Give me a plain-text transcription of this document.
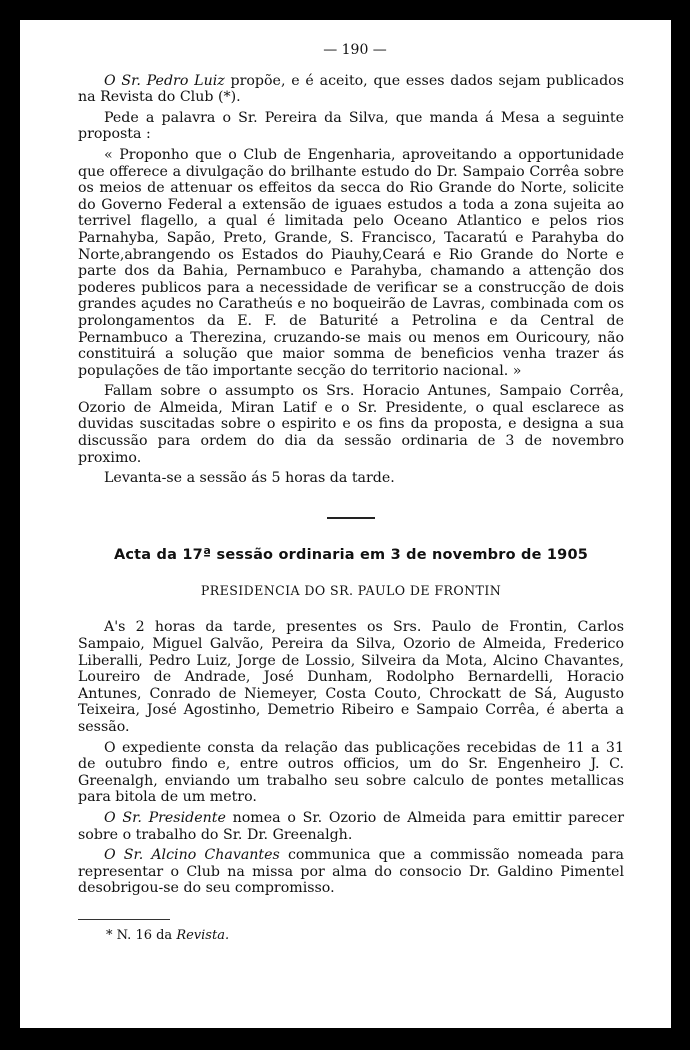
— 190 —

O Sr. Pedro Luiz propõe, e é aceito, que esses dados sejam publicados na Revista do Club (*).

Pede a palavra o Sr. Pereira da Silva, que manda á Mesa a seguinte proposta :

« Proponho que o Club de Engenharia, aproveitando a opportunidade que offerece a divulgação do brilhante estudo do Dr. Sampaio Corrêa sobre os meios de attenuar os effeitos da secca do Rio Grande do Norte, solicite do Governo Federal a extensão de iguaes estudos a toda a zona sujeita ao terrivel flagello, a qual é limitada pelo Oceano Atlantico e pelos rios Parnahyba, Sapão, Preto, Grande, S. Francisco, Tacaratú e Parahyba do Norte,abrangendo os Estados do Piauhy,Ceará e Rio Grande do Norte e parte dos da Bahia, Pernambuco e Parahyba, chamando a attenção dos poderes publicos para a necessidade de verificar se a construcção de dois grandes açudes no Caratheús e no boqueirão de Lavras, combinada com os prolongamentos da E. F. de Baturité a Petrolina e da Central de Pernambuco a Therezina, cruzando-se mais ou menos em Ouricoury, não constituirá a solução que maior somma de beneficios venha trazer ás populações de tão importante secção do territorio nacional. »

Fallam sobre o assumpto os Srs. Horacio Antunes, Sampaio Corrêa, Ozorio de Almeida, Miran Latif e o Sr. Presidente, o qual esclarece as duvidas suscitadas sobre o espirito e os fins da proposta, e designa a sua discussão para ordem do dia da sessão ordinaria de 3 de novembro proximo.

Levanta-se a sessão ás 5 horas da tarde.

Acta da 17ª sessão ordinaria em 3 de novembro de 1905
PRESIDENCIA DO SR. PAULO DE FRONTIN

A's 2 horas da tarde, presentes os Srs. Paulo de Frontin, Carlos Sampaio, Miguel Galvão, Pereira da Silva, Ozorio de Almeida, Frederico Liberalli, Pedro Luiz, Jorge de Lossio, Silveira da Mota, Alcino Chavantes, Loureiro de Andrade, José Dunham, Rodolpho Bernardelli, Horacio Antunes, Conrado de Niemeyer, Costa Couto, Chrockatt de Sá, Augusto Teixeira, José Agostinho, Demetrio Ribeiro e Sampaio Corrêa, é aberta a sessão.

O expediente consta da relação das publicações recebidas de 11 a 31 de outubro findo e, entre outros officios, um do Sr. Engenheiro J. C. Greenalgh, enviando um trabalho seu sobre calculo de pontes metallicas para bitola de um metro.

O Sr. Presidente nomea o Sr. Ozorio de Almeida para emittir parecer sobre o trabalho do Sr. Dr. Greenalgh.

O Sr. Alcino Chavantes communica que a commissão nomeada para representar o Club na missa por alma do consocio Dr. Galdino Pimentel desobrigou-se do seu compromisso.

* N. 16 da Revista.
